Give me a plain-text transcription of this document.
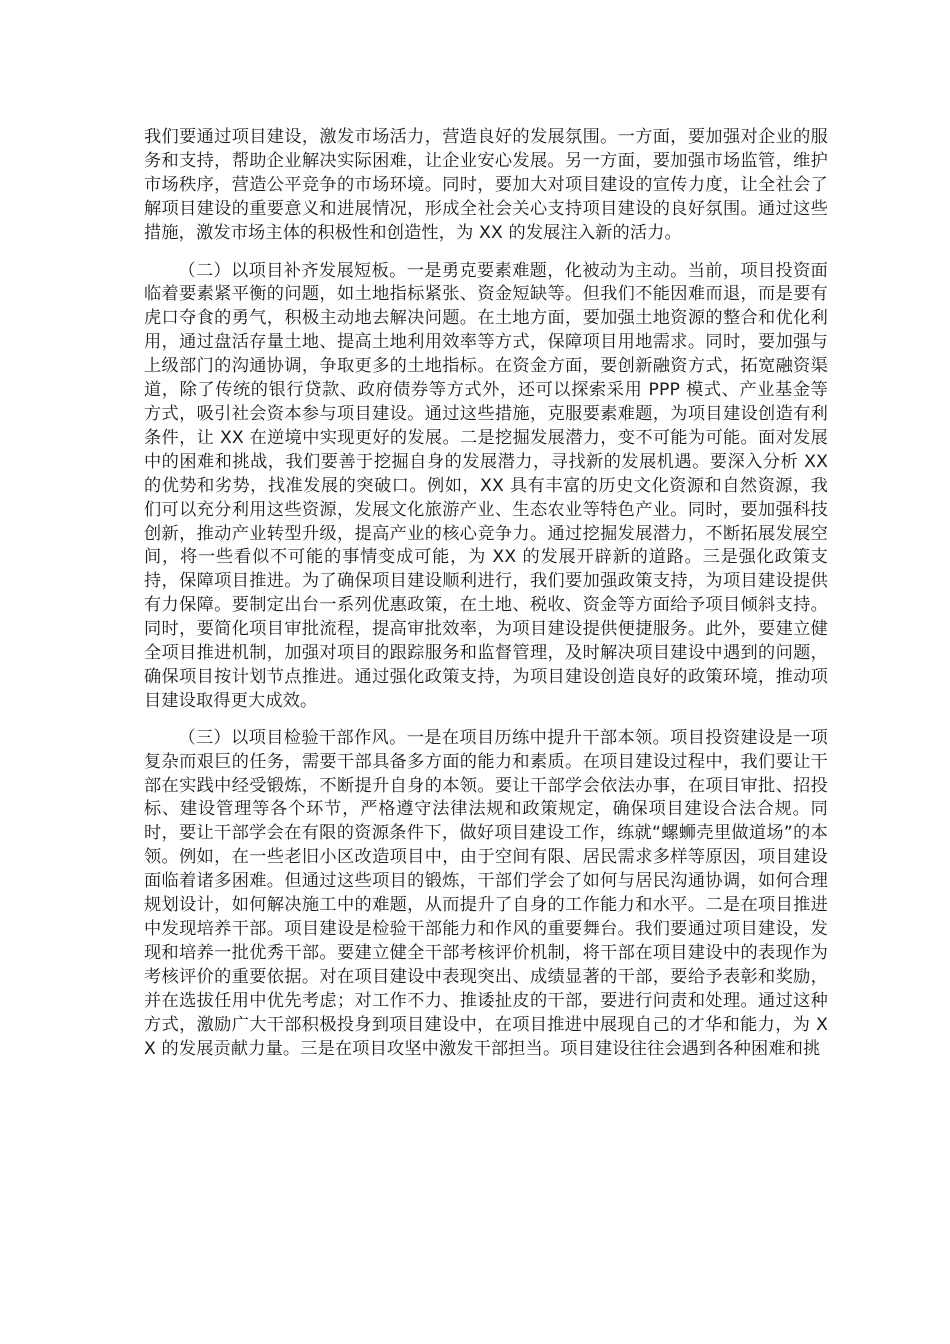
我们要通过项目建设，激发市场活力，营造良好的发展氛围。一方面，要加强对企业的服务和支持，帮助企业解决实际困难，让企业安心发展。另一方面，要加强市场监管，维护市场秩序，营造公平竞争的市场环境。同时，要加大对项目建设的宣传力度，让全社会了解项目建设的重要意义和进展情况，形成全社会关心支持项目建设的良好氛围。通过这些措施，激发市场主体的积极性和创造性，为 XX 的发展注入新的活力。

（二）以项目补齐发展短板。一是勇克要素难题，化被动为主动。当前，项目投资面临着要素紧平衡的问题，如土地指标紧张、资金短缺等。但我们不能因难而退，而是要有虎口夺食的勇气，积极主动地去解决问题。在土地方面，要加强土地资源的整合和优化利用，通过盘活存量土地、提高土地利用效率等方式，保障项目用地需求。同时，要加强与上级部门的沟通协调，争取更多的土地指标。在资金方面，要创新融资方式，拓宽融资渠道，除了传统的银行贷款、政府债券等方式外，还可以探索采用 PPP 模式、产业基金等方式，吸引社会资本参与项目建设。通过这些措施，克服要素难题，为项目建设创造有利条件，让 XX 在逆境中实现更好的发展。二是挖掘发展潜力，变不可能为可能。面对发展中的困难和挑战，我们要善于挖掘自身的发展潜力，寻找新的发展机遇。要深入分析 XX 的优势和劣势，找准发展的突破口。例如，XX 具有丰富的历史文化资源和自然资源，我们可以充分利用这些资源，发展文化旅游产业、生态农业等特色产业。同时，要加强科技创新，推动产业转型升级，提高产业的核心竞争力。通过挖掘发展潜力，不断拓展发展空间，将一些看似不可能的事情变成可能，为 XX 的发展开辟新的道路。三是强化政策支持，保障项目推进。为了确保项目建设顺利进行，我们要加强政策支持，为项目建设提供有力保障。要制定出台一系列优惠政策，在土地、税收、资金等方面给予项目倾斜支持。同时，要简化项目审批流程，提高审批效率，为项目建设提供便捷服务。此外，要建立健全项目推进机制，加强对项目的跟踪服务和监督管理，及时解决项目建设中遇到的问题，确保项目按计划节点推进。通过强化政策支持，为项目建设创造良好的政策环境，推动项目建设取得更大成效。

（三）以项目检验干部作风。一是在项目历练中提升干部本领。项目投资建设是一项复杂而艰巨的任务，需要干部具备多方面的能力和素质。在项目建设过程中，我们要让干部在实践中经受锻炼，不断提升自身的本领。要让干部学会依法办事，在项目审批、招投标、建设管理等各个环节，严格遵守法律法规和政策规定，确保项目建设合法合规。同时，要让干部学会在有限的资源条件下，做好项目建设工作，练就“螺蛳壳里做道场”的本领。例如，在一些老旧小区改造项目中，由于空间有限、居民需求多样等原因，项目建设面临着诸多困难。但通过这些项目的锻炼，干部们学会了如何与居民沟通协调，如何合理规划设计，如何解决施工中的难题，从而提升了自身的工作能力和水平。二是在项目推进中发现培养干部。项目建设是检验干部能力和作风的重要舞台。我们要通过项目建设，发现和培养一批优秀干部。要建立健全干部考核评价机制，将干部在项目建设中的表现作为考核评价的重要依据。对在项目建设中表现突出、成绩显著的干部，要给予表彰和奖励，并在选拔任用中优先考虑；对工作不力、推诿扯皮的干部，要进行问责和处理。通过这种方式，激励广大干部积极投身到项目建设中，在项目推进中展现自己的才华和能力，为 XX 的发展贡献力量。三是在项目攻坚中激发干部担当。项目建设往往会遇到各种困难和挑
